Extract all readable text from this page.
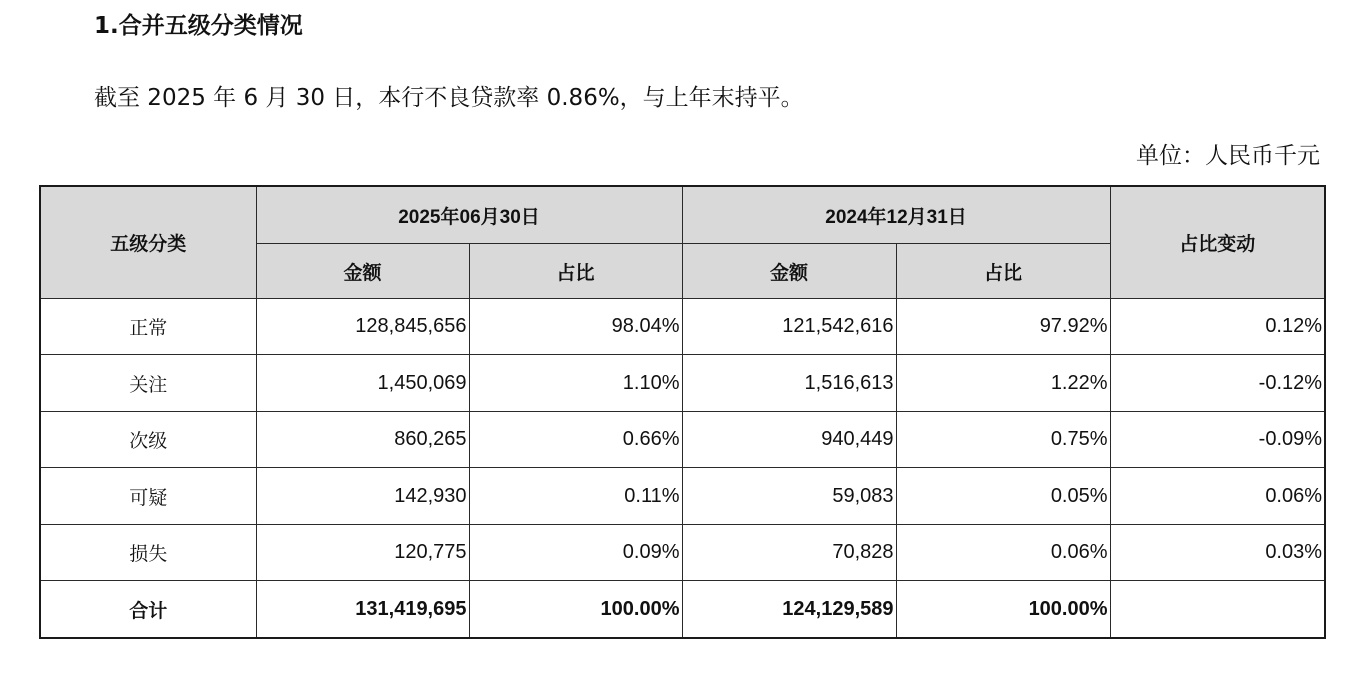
1.合并五级分类情况
截至 2025 年 6 月 30 日，本行不良贷款率 0.86%，与上年末持平。
单位：人民币千元
五级分类	2025年06月30日		2024年12月31日		占比变动
	金额	占比	金额	占比	
正常	128,845,656	98.04%	121,542,616	97.92%	0.12%
关注	1,450,069	1.10%	1,516,613	1.22%	-0.12%
次级	860,265	0.66%	940,449	0.75%	-0.09%
可疑	142,930	0.11%	59,083	0.05%	0.06%
损失	120,775	0.09%	70,828	0.06%	0.03%
合计	131,419,695	100.00%	124,129,589	100.00%	
